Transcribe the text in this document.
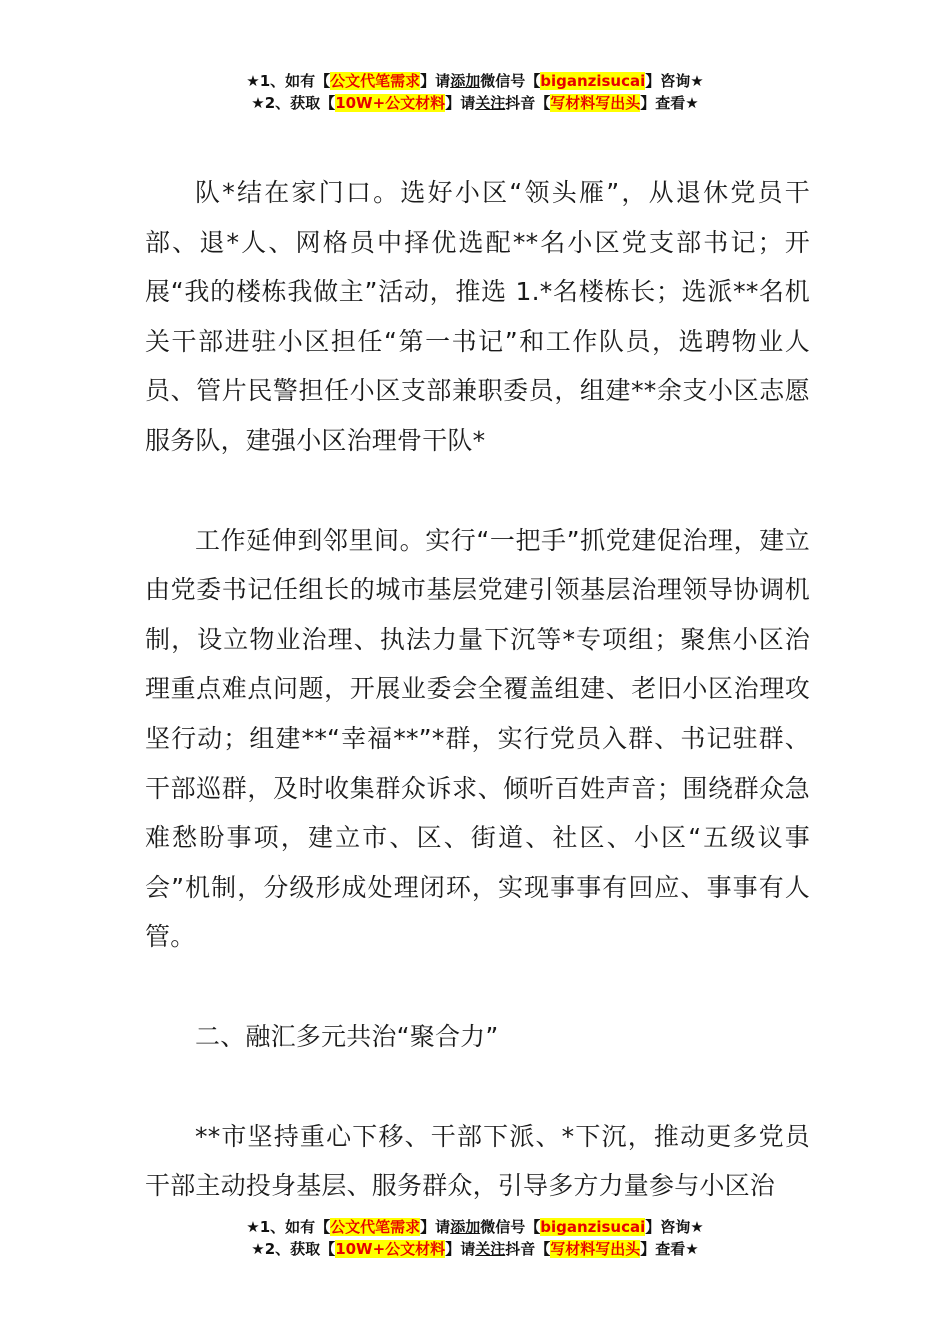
★1、如有【公文代笔需求】请添加微信号【biganzisucai】咨询★
★2、获取【10W+公文材料】请关注抖音【写材料写出头】查看★

队*结在家门口。选好小区“领头雁”，从退休党员干部、退*人、网格员中择优选配**名小区党支部书记；开展“我的楼栋我做主”活动，推选 1.*名楼栋长；选派**名机关干部进驻小区担任“第一书记”和工作队员，选聘物业人员、管片民警担任小区支部兼职委员，组建**余支小区志愿服务队，建强小区治理骨干队*

工作延伸到邻里间。实行“一把手”抓党建促治理，建立由党委书记任组长的城市基层党建引领基层治理领导协调机制，设立物业治理、执法力量下沉等*专项组；聚焦小区治理重点难点问题，开展业委会全覆盖组建、老旧小区治理攻坚行动；组建**“幸福**”*群，实行党员入群、书记驻群、干部巡群，及时收集群众诉求、倾听百姓声音；围绕群众急难愁盼事项，建立市、区、街道、社区、小区“五级议事会”机制，分级形成处理闭环，实现事事有回应、事事有人管。

二、融汇多元共治“聚合力”

**市坚持重心下移、干部下派、*下沉，推动更多党员干部主动投身基层、服务群众，引导多方力量参与小区治

★1、如有【公文代笔需求】请添加微信号【biganzisucai】咨询★
★2、获取【10W+公文材料】请关注抖音【写材料写出头】查看★
